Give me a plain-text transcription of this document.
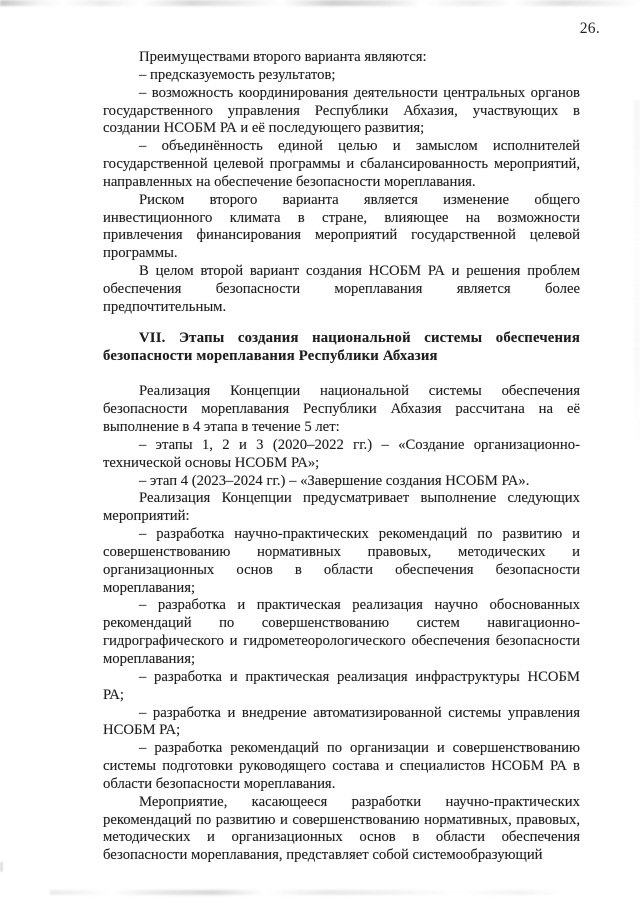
26.
Преимуществами второго варианта являются:
– предсказуемость результатов;
– возможность координирования деятельности центральных органов
государственного управления Республики Абхазия, участвующих в
создании НСОБМ РА и её последующего развития;
– объединённость единой целью и замыслом исполнителей
государственной целевой программы и сбалансированность мероприятий,
направленных на обеспечение безопасности мореплавания.
Риском второго варианта является изменение общего
инвестиционного климата в стране, влияющее на возможности
привлечения финансирования мероприятий государственной целевой
программы.
В целом второй вариант создания НСОБМ РА и решения проблем
обеспечения безопасности мореплавания является более
предпочтительным.
VII. Этапы создания национальной системы обеспечения
безопасности мореплавания Республики Абхазия
Реализация Концепции национальной системы обеспечения
безопасности мореплавания Республики Абхазия рассчитана на её
выполнение в 4 этапа в течение 5 лет:
– этапы 1, 2 и 3 (2020–2022 гг.) – «Создание организационно-
технической основы НСОБМ РА»;
– этап 4 (2023–2024 гг.) – «Завершение создания НСОБМ РА».
Реализация Концепции предусматривает выполнение следующих
мероприятий:
– разработка научно-практических рекомендаций по развитию и
совершенствованию нормативных правовых, методических и
организационных основ в области обеспечения безопасности
мореплавания;
– разработка и практическая реализация научно обоснованных
рекомендаций по совершенствованию систем навигационно-
гидрографического и гидрометеорологического обеспечения безопасности
мореплавания;
– разработка и практическая реализация инфраструктуры НСОБМ
РА;
– разработка и внедрение автоматизированной системы управления
НСОБМ РА;
– разработка рекомендаций по организации и совершенствованию
системы подготовки руководящего состава и специалистов НСОБМ РА в
области безопасности мореплавания.
Мероприятие, касающееся разработки научно-практических
рекомендаций по развитию и совершенствованию нормативных, правовых,
методических и организационных основ в области обеспечения
безопасности мореплавания, представляет собой системообразующий
